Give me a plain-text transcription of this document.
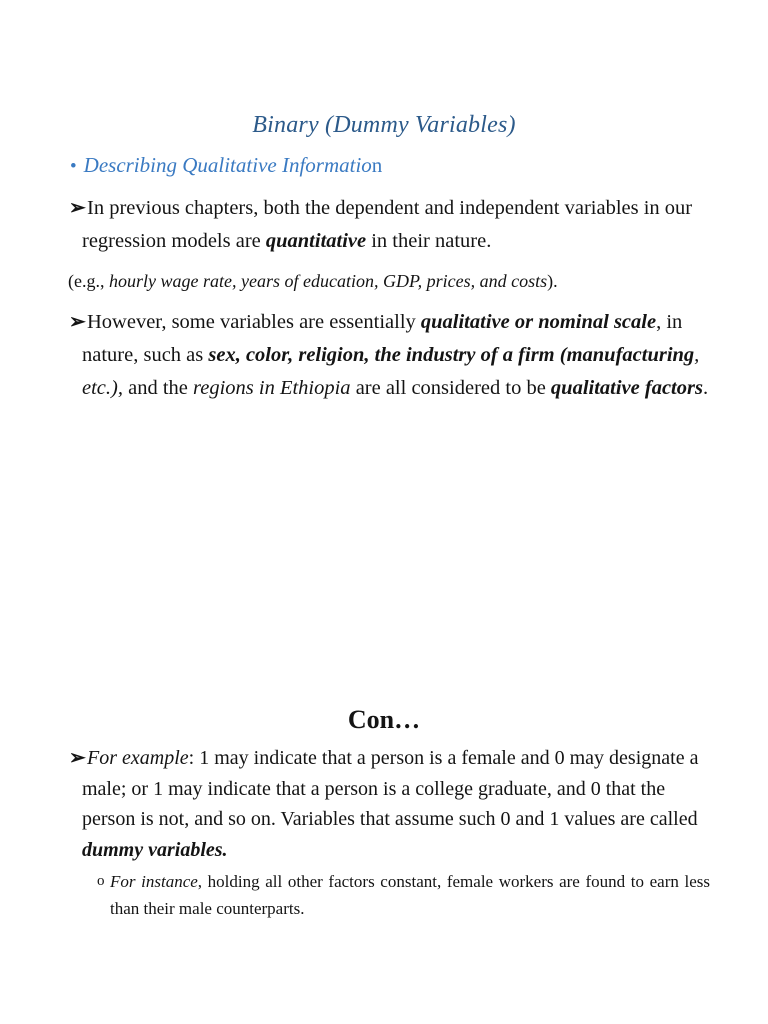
Binary (Dummy Variables)
• Describing Qualitative Information
➢ In previous chapters, both the dependent and independent variables in our regression models are quantitative in their nature.
(e.g., hourly wage rate, years of education, GDP, prices, and costs).
➢ However, some variables are essentially qualitative or nominal scale, in nature, such as sex, color, religion, the industry of a firm (manufacturing, etc.), and the regions in Ethiopia are all considered to be qualitative factors.
Con…
➢ For example: 1 may indicate that a person is a female and 0 may designate a male; or 1 may indicate that a person is a college graduate, and 0 that the person is not, and so on. Variables that assume such 0 and 1 values are called dummy variables.
o For instance, holding all other factors constant, female workers are found to earn less than their male counterparts.
